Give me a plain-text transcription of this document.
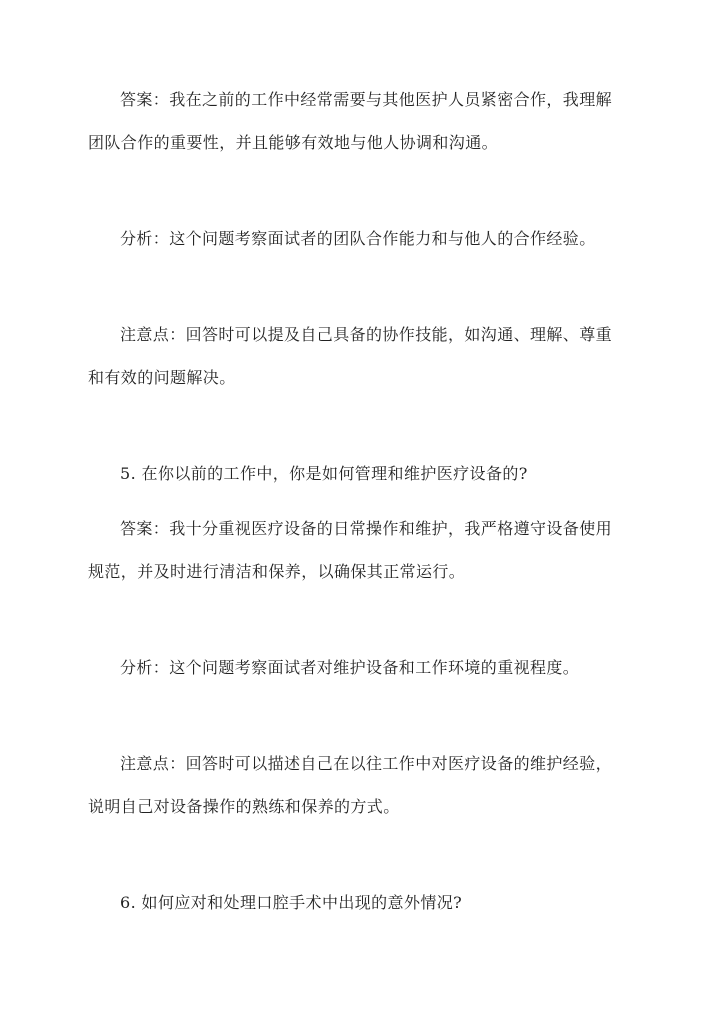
答案：我在之前的工作中经常需要与其他医护人员紧密合作，我理解
团队合作的重要性，并且能够有效地与他人协调和沟通。
分析：这个问题考察面试者的团队合作能力和与他人的合作经验。
注意点：回答时可以提及自己具备的协作技能，如沟通、理解、尊重
和有效的问题解决。
5. 在你以前的工作中，你是如何管理和维护医疗设备的?
答案：我十分重视医疗设备的日常操作和维护，我严格遵守设备使用
规范，并及时进行清洁和保养，以确保其正常运行。
分析：这个问题考察面试者对维护设备和工作环境的重视程度。
注意点：回答时可以描述自己在以往工作中对医疗设备的维护经验，
说明自己对设备操作的熟练和保养的方式。
6. 如何应对和处理口腔手术中出现的意外情况?
